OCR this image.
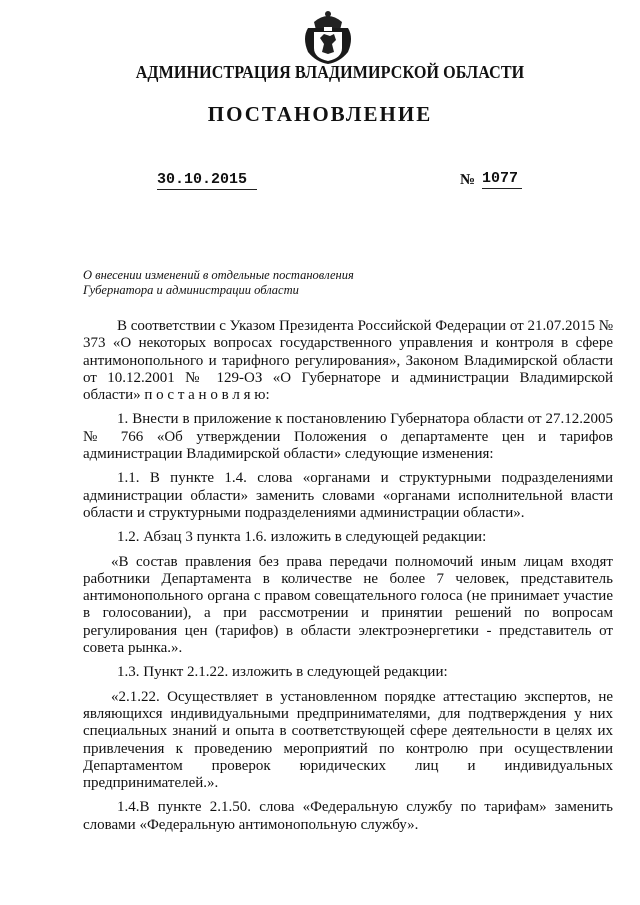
АДМИНИСТРАЦИЯ ВЛАДИМИРСКОЙ ОБЛАСТИ
ПОСТАНОВЛЕНИЕ
30.10.2015	№ 1077
О внесении изменений в отдельные постановления
Губернатора и администрации области

В соответствии с Указом Президента Российской Федерации от 21.07.2015 № 373 «О некоторых вопросах государственного управления и контроля в сфере антимонопольного и тарифного регулирования», Законом Владимирской области от 10.12.2001 № 129-ОЗ «О Губернаторе и администрации Владимирской области» п о с т а н о в л я ю:

1. Внести в приложение к постановлению Губернатора области от 27.12.2005 № 766 «Об утверждении Положения о департаменте цен и тарифов администрации Владимирской области» следующие изменения:

1.1. В пункте 1.4. слова «органами и структурными подразделениями администрации области» заменить словами «органами исполнительной власти области и структурными подразделениями администрации области».

1.2. Абзац 3 пункта 1.6. изложить в следующей редакции:

«В состав правления без права передачи полномочий иным лицам входят работники Департамента в количестве не более 7 человек, представитель антимонопольного органа с правом совещательного голоса (не принимает участие в голосовании), а при рассмотрении и принятии решений по вопросам регулирования цен (тарифов) в области электроэнергетики - представитель от совета рынка.».

1.3. Пункт 2.1.22. изложить в следующей редакции:

«2.1.22. Осуществляет в установленном порядке аттестацию экспертов, не являющихся индивидуальными предпринимателями, для подтверждения у них специальных знаний и опыта в соответствующей сфере деятельности в целях их привлечения к проведению мероприятий по контролю при осуществлении Департаментом проверок юридических лиц и индивидуальных предпринимателей.».

1.4.В пункте 2.1.50. слова «Федеральную службу по тарифам» заменить словами «Федеральную антимонопольную службу».
